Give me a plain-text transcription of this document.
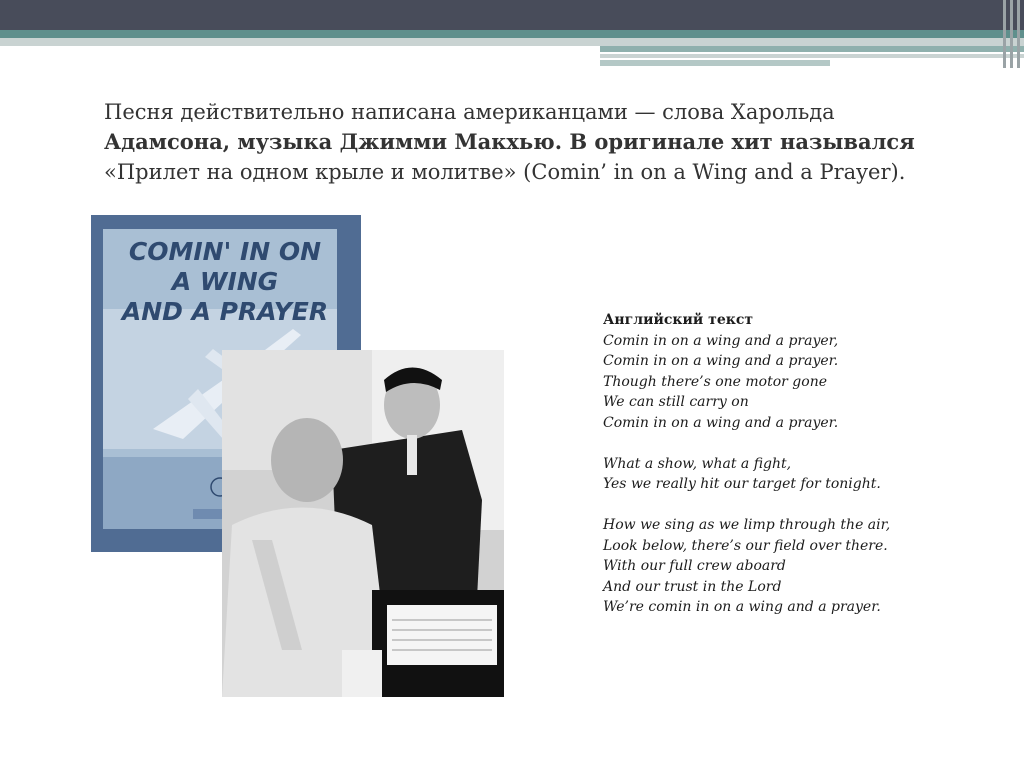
Песня действительно написана американцами — слова Харольда
Адамсона, музыка Джимми Макхью. В оригинале хит назывался
«Прилет на одном крыле и молитве» (Comin’ in on a Wing and a Prayer).

COMIN' IN ON A WING
AND A PRAYER	Английский текст
Comin in on a wing and a prayer,
Comin in on a wing and a prayer.
Though there’s one motor gone
We can still carry on
Comin in on a wing and a prayer.
What a show, what a fight,
Yes we really hit our target for tonight.
How we sing as we limp through the air,
Look below, there’s our field over there.
With our full crew aboard
And our trust in the Lord
We’re comin in on a wing and a prayer.
